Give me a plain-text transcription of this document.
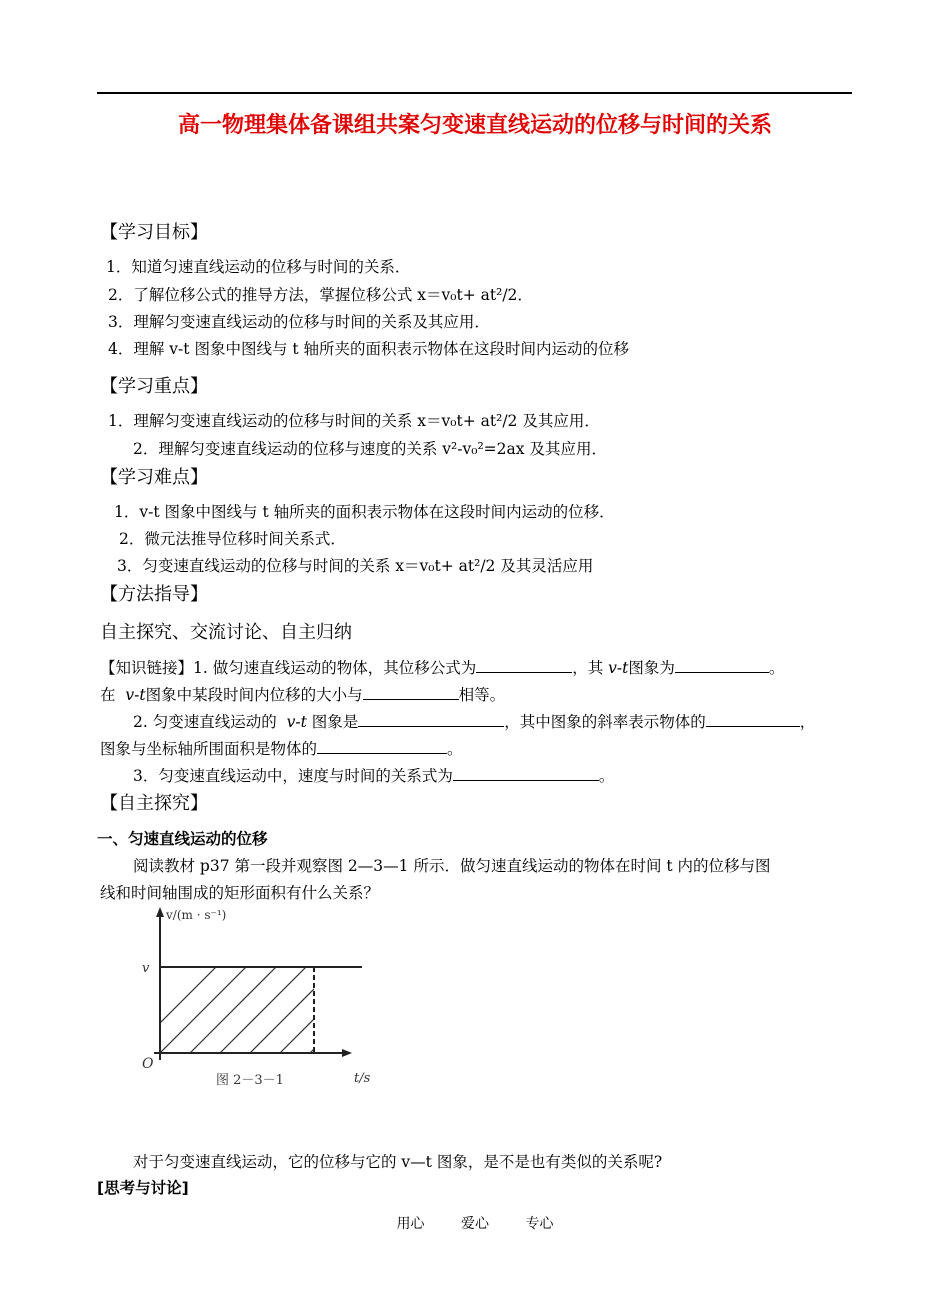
高一物理集体备课组共案匀变速直线运动的位移与时间的关系
【学习目标】
1．知道匀速直线运动的位移与时间的关系．
2．了解位移公式的推导方法，掌握位移公式 x＝v₀t+ at²/2．
3．理解匀变速直线运动的位移与时间的关系及其应用．
4．理解 v-t 图象中图线与 t 轴所夹的面积表示物体在这段时间内运动的位移
【学习重点】
1．理解匀变速直线运动的位移与时间的关系 x＝v₀t+ at²/2 及其应用．
2．理解匀变速直线运动的位移与速度的关系 v²-v₀²=2ax 及其应用．
【学习难点】
1．v-t 图象中图线与 t 轴所夹的面积表示物体在这段时间内运动的位移．
2．微元法推导位移时间关系式．
3．匀变速直线运动的位移与时间的关系 x＝v₀t+ at²/2 及其灵活应用
【方法指导】
自主探究、交流讨论、自主归纳
【知识链接】1. 做匀速直线运动的物体，其位移公式为	，其 v-t图象为	。
在 v-t图象中某段时间内位移的大小与	相等。
2. 匀变速直线运动的 v-t 图象是	，其中图象的斜率表示物体的	，
图象与坐标轴所围面积是物体的	。
3．匀变速直线运动中，速度与时间的关系式为	。
【自主探究】
一、匀速直线运动的位移
阅读教材 p37 第一段并观察图 2—3—1 所示．做匀速直线运动的物体在时间 t 内的位移与图
线和时间轴围成的矩形面积有什么关系？
v/(m · s⁻¹)
v
O
图 2－3－1	t/s
对于匀变速直线运动，它的位移与它的 v—t 图象，是不是也有类似的关系呢?
[思考与讨论]
用心	爱心	专心
